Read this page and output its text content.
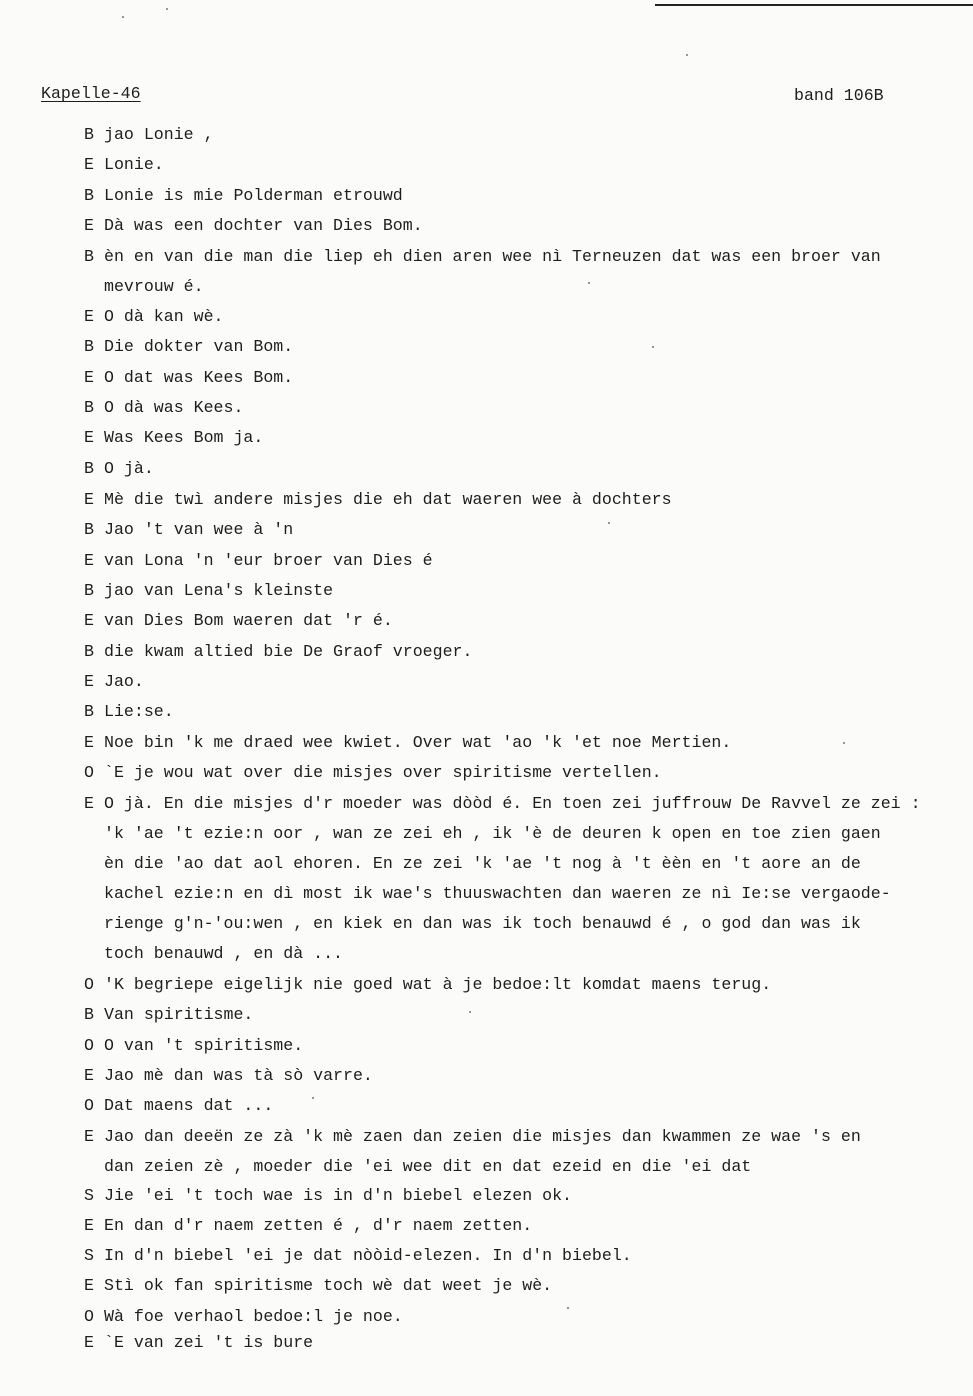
Kapelle-46	band 106B
B jao Lonie ,
E Lonie.
B Lonie is mie Polderman etrouwd
E Dà was een dochter van Dies Bom.
B èn en van die man die liep eh dien aren wee nì Terneuzen dat was een broer van
mevrouw é.
E O dà kan wè.
B Die dokter van Bom.
E O dat was Kees Bom.
B O dà was Kees.
E Was Kees Bom ja.
B O jà.
E Mè die twì andere misjes die eh dat waeren wee à dochters
B Jao 't van wee à 'n
E van Lona 'n 'eur broer van Dies é
B jao van Lena's kleinste
E van Dies Bom waeren dat 'r é.
B die kwam altied bie De Graof vroeger.
E Jao.
B Lie:se.
E Noe bin 'k me draed wee kwiet. Over wat 'ao 'k 'et noe Mertien.
O `E je wou wat over die misjes over spiritisme vertellen.
E O jà. En die misjes d'r moeder was dòòd é. En toen zei juffrouw De Ravvel ze zei :
'k 'ae 't ezie:n oor , wan ze zei eh , ik 'è de deuren k open en toe zien gaen
èn die 'ao dat aol ehoren. En ze zei 'k 'ae 't nog à 't èèn en 't aore an de
kachel ezie:n en dì most ik wae's thuuswachten dan waeren ze nì Ie:se vergaode-
rienge g'n-'ou:wen , en kiek en dan was ik toch benauwd é , o god dan was ik
toch benauwd , en dà ...
O 'K begriepe eigelijk nie goed wat à je bedoe:lt komdat maens terug.
B Van spiritisme.
O O van 't spiritisme.
E Jao mè dan was tà sò varre.
O Dat maens dat ...
E Jao dan deeën ze zà 'k mè zaen dan zeien die misjes dan kwammen ze wae 's en
dan zeien zè , moeder die 'ei wee dit en dat ezeid en die 'ei dat
S Jie 'ei 't toch wae is in d'n biebel elezen ok.
E En dan d'r naem zetten é , d'r naem zetten.
S In d'n biebel 'ei je dat nòòid-elezen. In d'n biebel.
E Stì ok fan spiritisme toch wè dat weet je wè.
O Wà foe verhaol bedoe:l je noe.
E `E van zei 't is bure
